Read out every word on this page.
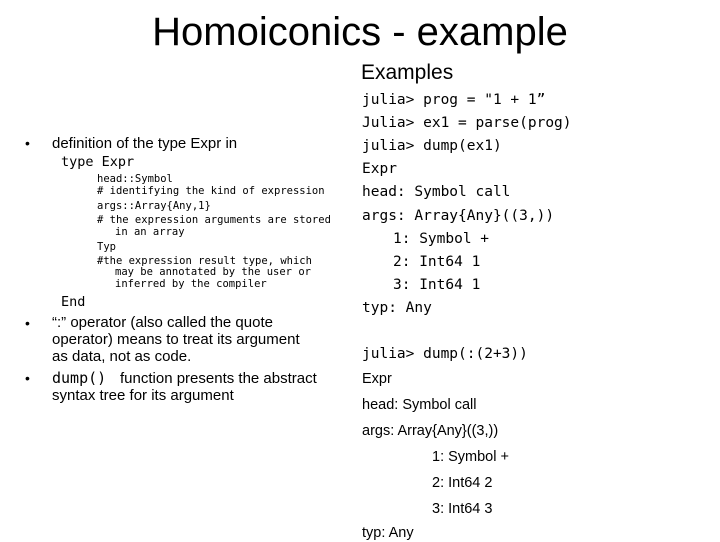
Homoiconics - example
Examples
• definition of the type Expr in
type Expr
head::Symbol
# identifying the kind of expression
args::Array{Any,1}
# the expression arguments are stored
in an array
Typ
#the expression result type, which
may be annotated by the user or
inferred by the compiler
End
• “:” operator (also called the quote
operator) means to treat its argument
as data, not as code.
• dump() function presents the abstract
syntax tree for its argument
julia> prog = "1 + 1”
Julia> ex1 = parse(prog)
julia> dump(ex1)
Expr
head: Symbol call
args: Array{Any}((3,))
1: Symbol +
2: Int64 1
3: Int64 1
typ: Any
julia> dump(:(2+3))
Expr
head: Symbol call
args: Array{Any}((3,))
1: Symbol +
2: Int64 2
3: Int64 3
typ: Any
